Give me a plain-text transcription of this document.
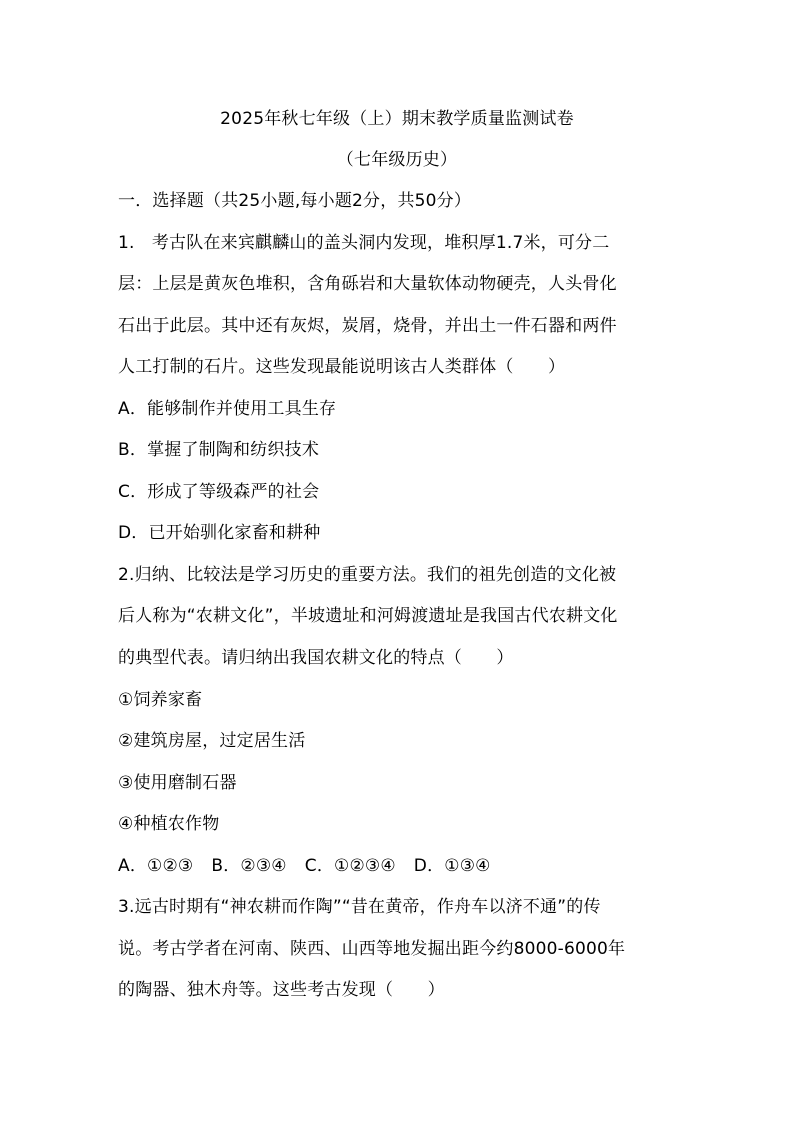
2025年秋七年级（上）期末教学质量监测试卷
（七年级历史）
一．选择题（共25小题,每小题2分，共50分）
1.　考古队在来宾麒麟山的盖头洞内发现，堆积厚1.7米，可分二
层：上层是黄灰色堆积，含角砾岩和大量软体动物硬壳，人头骨化
石出于此层。其中还有灰烬，炭屑，烧骨，并出土一件石器和两件
人工打制的石片。这些发现最能说明该古人类群体（　　）
A．能够制作并使用工具生存
B．掌握了制陶和纺织技术
C．形成了等级森严的社会
D．已开始驯化家畜和耕种
2.归纳、比较法是学习历史的重要方法。我们的祖先创造的文化被
后人称为“农耕文化”，半坡遗址和河姆渡遗址是我国古代农耕文化
的典型代表。请归纳出我国农耕文化的特点（　　）
①饲养家畜
②建筑房屋，过定居生活
③使用磨制石器
④种植农作物
A．①②③ B．②③④ C．①②③④ D．①③④
3.远古时期有“神农耕而作陶”“昔在黄帝，作舟车以济不通”的传
说。考古学者在河南、陕西、山西等地发掘出距今约8000-6000年
的陶器、独木舟等。这些考古发现（　　）
